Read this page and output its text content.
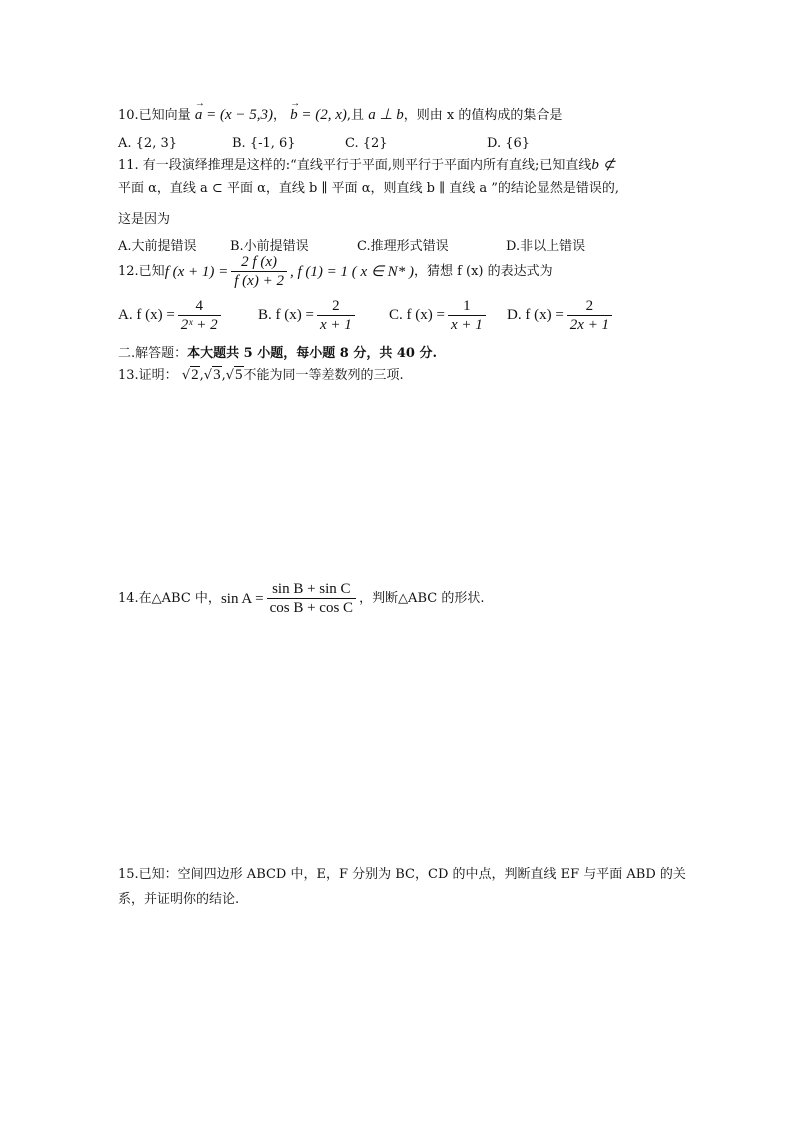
10.已知向量 → a = (x − 5,3)， → b = (2, x),且 a ⊥ b，则由 x 的值构成的集合是
A. {2, 3}	B. {-1, 6}	C. {2}	D. {6}
11. 有一段演绎推理是这样的:“直线平行于平面,则平行于平面内所有直线;已知直线b ⊄
平面 α，直线 a ⊂ 平面 α，直线 b ∥ 平面 α，则直线 b ∥ 直线 a ”的结论显然是错误的,
这是因为
A.大前提错误	B.小前提错误	C.推理形式错误	D.非以上错误
12.已知 f $(x + 1) = \frac{2 f (x)}{f (x) + 2}$ , f (1) = 1 ( x ∈ N* ) ，猜想 f (x) 的表达式为
A. f $(x) = \frac{4}{\text{2ˣ + 2}} B$. f $(x) = \frac{2}{x + 1} C$. f $(x) = \frac{1}{x + 1} D$. f $(x) = \frac{2}{2x + 1}$
二.解答题：本大题共 5 小题，每小题 8 分，共 40 分.
13.证明： √2,√3,√5不能为同一等差数列的三项.
14.在△ABC 中， $\sin A = \frac{\text{sin B + sin C}}{\text{cos B + cos C}}$ ，判断△ABC 的形状.
15.已知：空间四边形 ABCD 中，E，F 分别为 BC，CD 的中点，判断直线 EF 与平面 ABD 的关
系，并证明你的结论.
